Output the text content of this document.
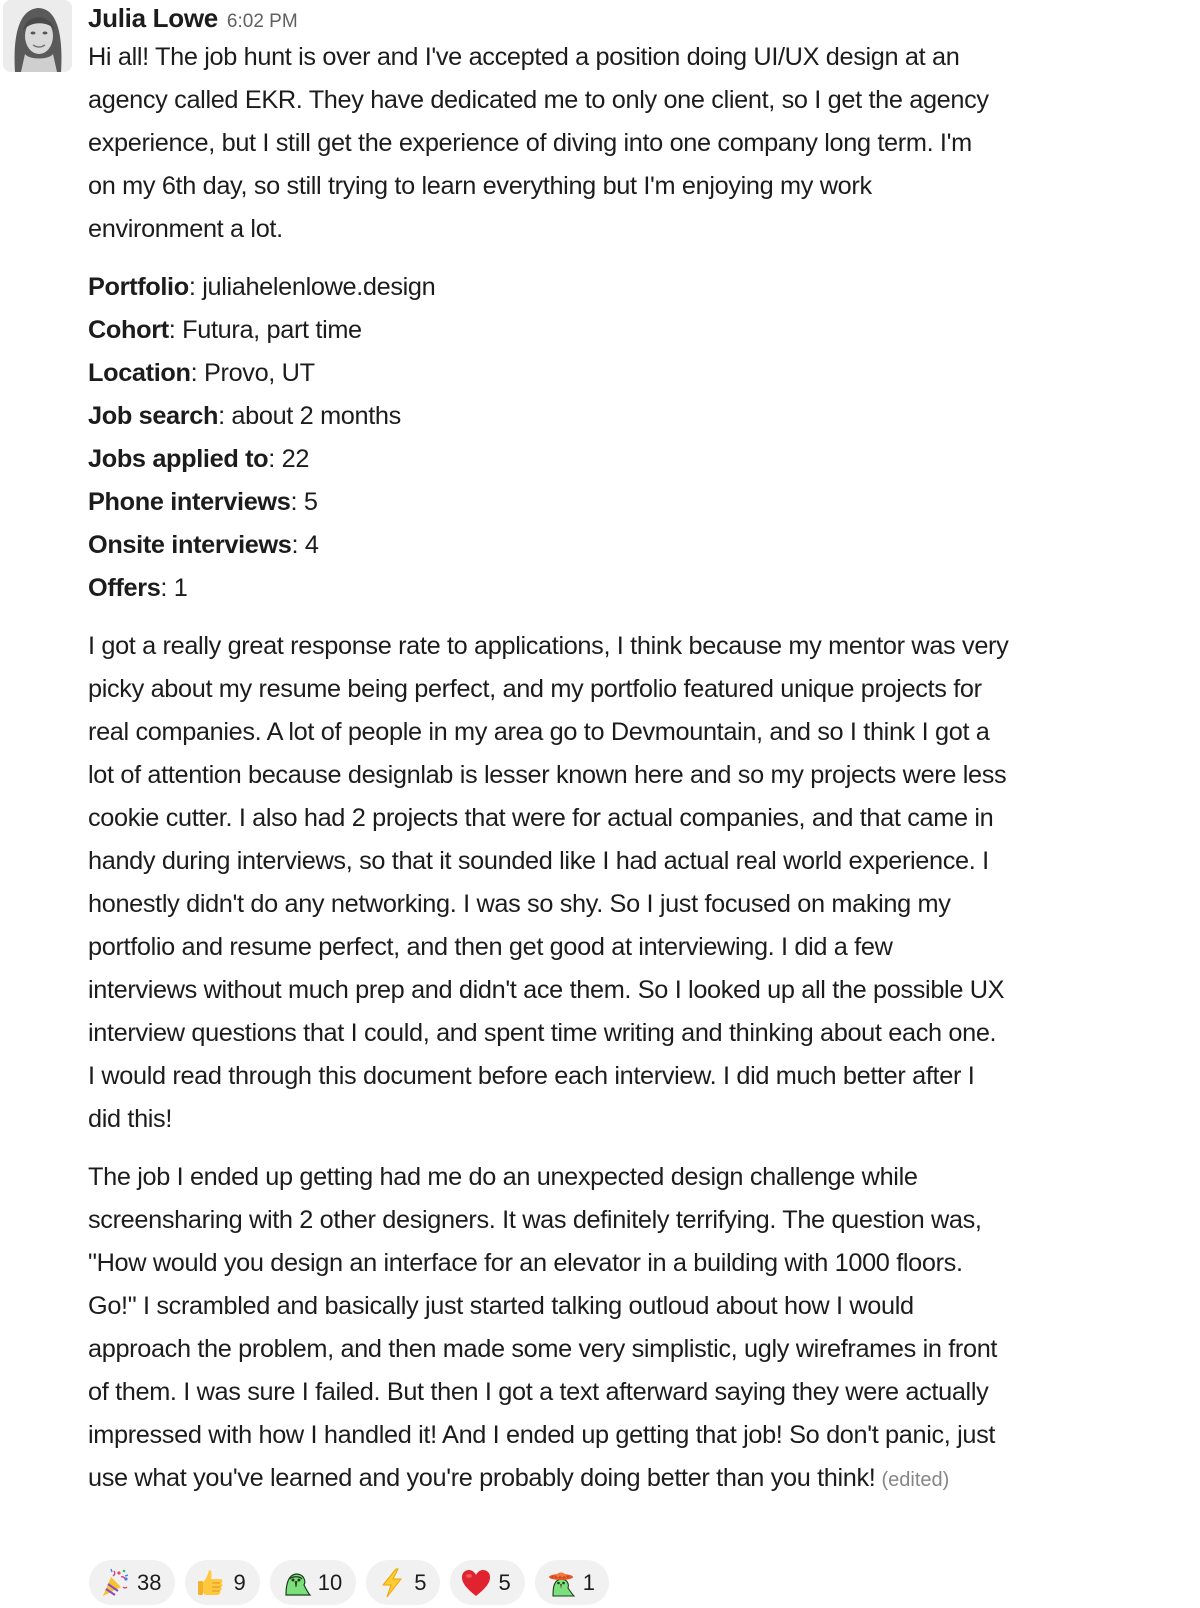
Julia Lowe 6:02 PM

Hi all! The job hunt is over and I've accepted a position doing UI/UX design at an
agency called EKR. They have dedicated me to only one client, so I get the agency
experience, but I still get the experience of diving into one company long term. I'm
on my 6th day, so still trying to learn everything but I'm enjoying my work
environment a lot.

Portfolio: juliahelenlowe.design
Cohort: Futura, part time
Location: Provo, UT
Job search: about 2 months
Jobs applied to: 22
Phone interviews: 5
Onsite interviews: 4
Offers: 1

I got a really great response rate to applications, I think because my mentor was very
picky about my resume being perfect, and my portfolio featured unique projects for
real companies. A lot of people in my area go to Devmountain, and so I think I got a
lot of attention because designlab is lesser known here and so my projects were less
cookie cutter. I also had 2 projects that were for actual companies, and that came in
handy during interviews, so that it sounded like I had actual real world experience. I
honestly didn't do any networking. I was so shy. So I just focused on making my
portfolio and resume perfect, and then get good at interviewing. I did a few
interviews without much prep and didn't ace them. So I looked up all the possible UX
interview questions that I could, and spent time writing and thinking about each one.
I would read through this document before each interview. I did much better after I
did this!

The job I ended up getting had me do an unexpected design challenge while
screensharing with 2 other designers. It was definitely terrifying. The question was,
"How would you design an interface for an elevator in a building with 1000 floors.
Go!" I scrambled and basically just started talking outloud about how I would
approach the problem, and then made some very simplistic, ugly wireframes in front
of them. I was sure I failed. But then I got a text afterward saying they were actually
impressed with how I handled it! And I ended up getting that job! So don't panic, just
use what you've learned and you're probably doing better than you think! (edited)

38	9	10	5	5	1
